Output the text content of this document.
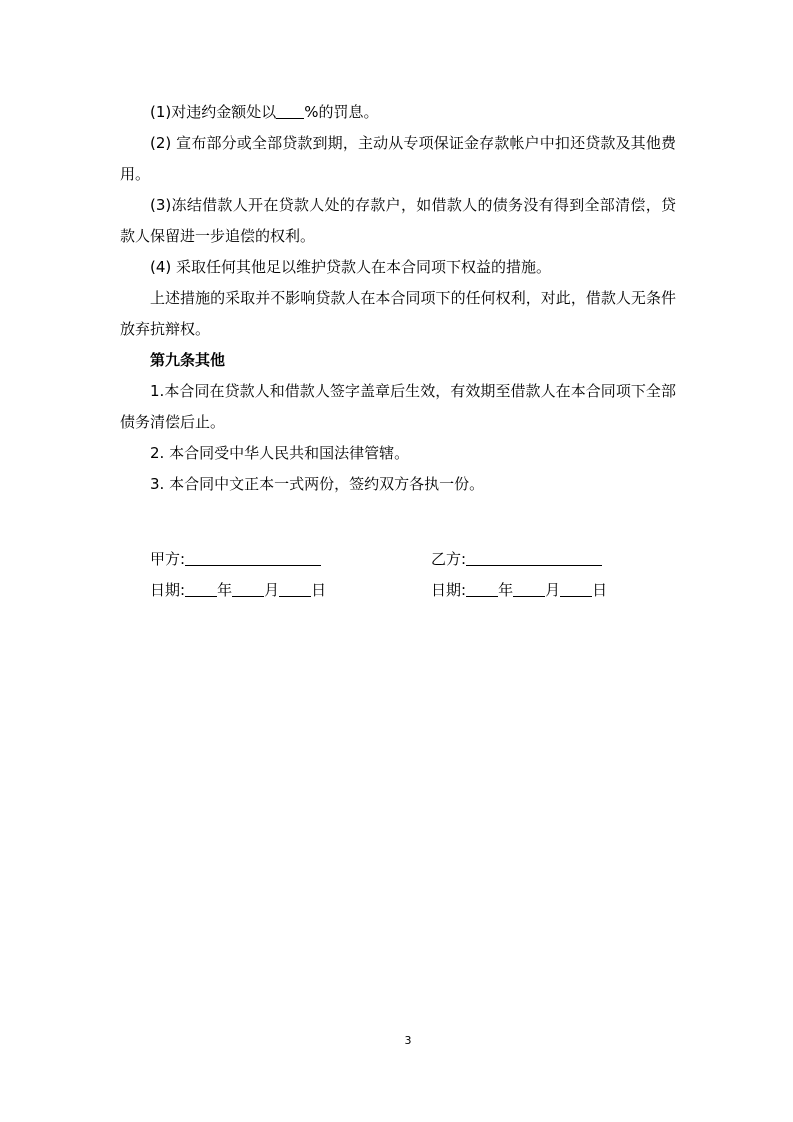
(1)对违约金额处以 %的罚息。

(2) 宣布部分或全部贷款到期，主动从专项保证金存款帐户中扣还贷款及其他费用。

(3)冻结借款人开在贷款人处的存款户，如借款人的债务没有得到全部清偿，贷款人保留进一步追偿的权利。

(4) 采取任何其他足以维护贷款人在本合同项下权益的措施。

上述措施的采取并不影响贷款人在本合同项下的任何权利，对此，借款人无条件放弃抗辩权。

第九条其他

1.本合同在贷款人和借款人签字盖章后生效，有效期至借款人在本合同项下全部债务清偿后止。

2. 本合同受中华人民共和国法律管辖。

3. 本合同中文正本一式两份，签约双方各执一份。

甲方:	乙方:
日期: 年 月 日	日期: 年 月 日
3
